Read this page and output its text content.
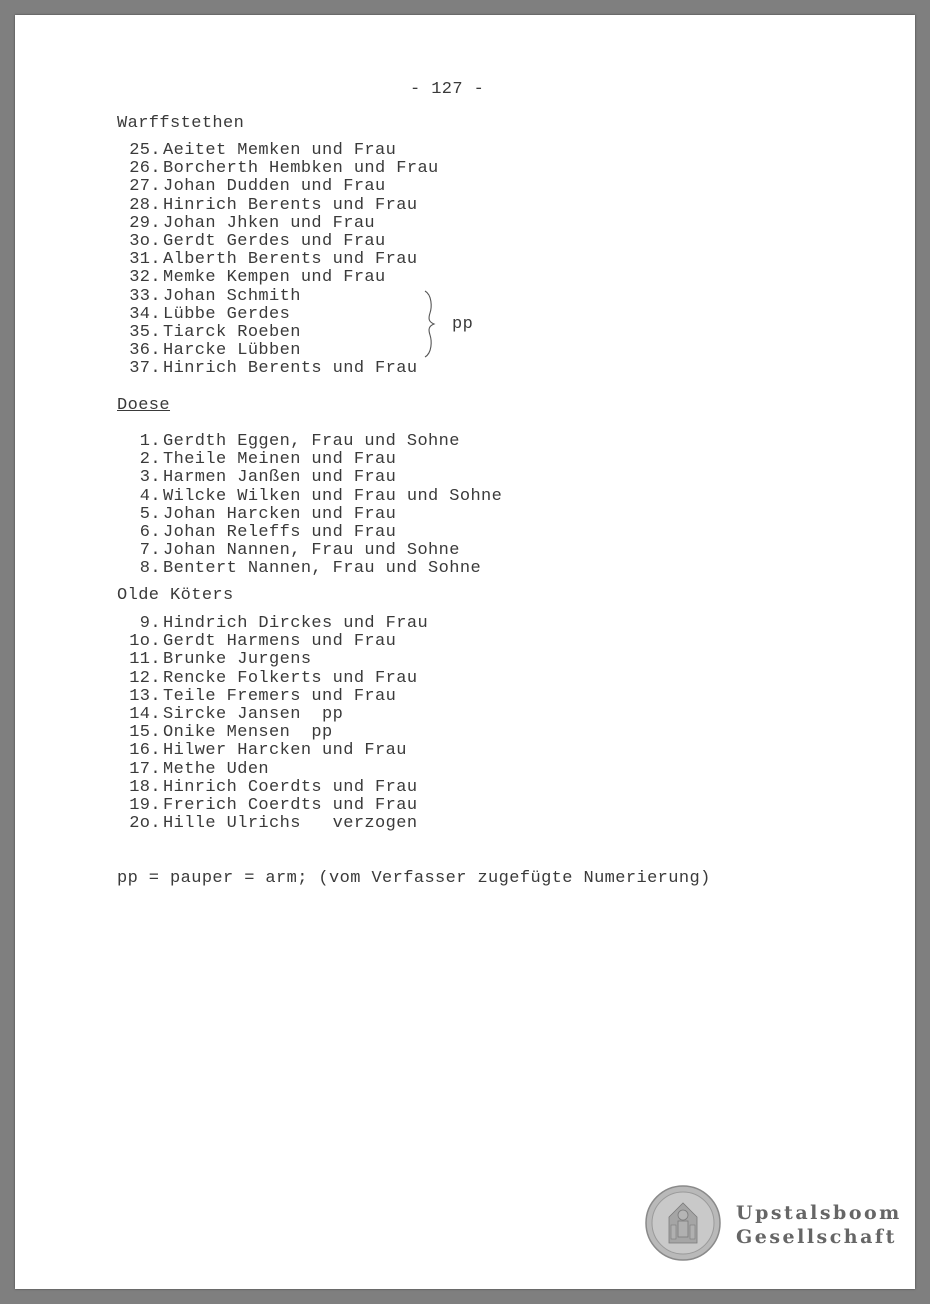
- 127 -
Warffstethen
25. Aeitet Memken und Frau
26. Borcherth Hembken und Frau
27. Johan Dudden und Frau
28. Hinrich Berents und Frau
29. Johan Jhken und Frau
3o. Gerdt Gerdes und Frau
31. Alberth Berents und Frau
32. Memke Kempen und Frau
33. Johan Schmith
34. Lübbe Gerdes
35. Tiarck Roeben
36. Harcke Lübben
37. Hinrich Berents und Frau
pp
Doese
1. Gerdth Eggen, Frau und Sohne
2. Theile Meinen und Frau
3. Harmen Janßen und Frau
4. Wilcke Wilken und Frau und Sohne
5. Johan Harcken und Frau
6. Johan Releffs und Frau
7. Johan Nannen, Frau und Sohne
8. Bentert Nannen, Frau und Sohne
Olde Köters
9. Hindrich Dirckes und Frau
1o. Gerdt Harmens und Frau
11. Brunke Jurgens
12. Rencke Folkerts und Frau
13. Teile Fremers und Frau
14. Sircke Jansen  pp
15. Onike Mensen  pp
16. Hilwer Harcken und Frau
17. Methe Uden
18. Hinrich Coerdts und Frau
19. Frerich Coerdts und Frau
2o. Hille Ulrichs   verzogen
pp = pauper = arm; (vom Verfasser zugefügte Numerierung)
Upstalsboom
Gesellschaft
